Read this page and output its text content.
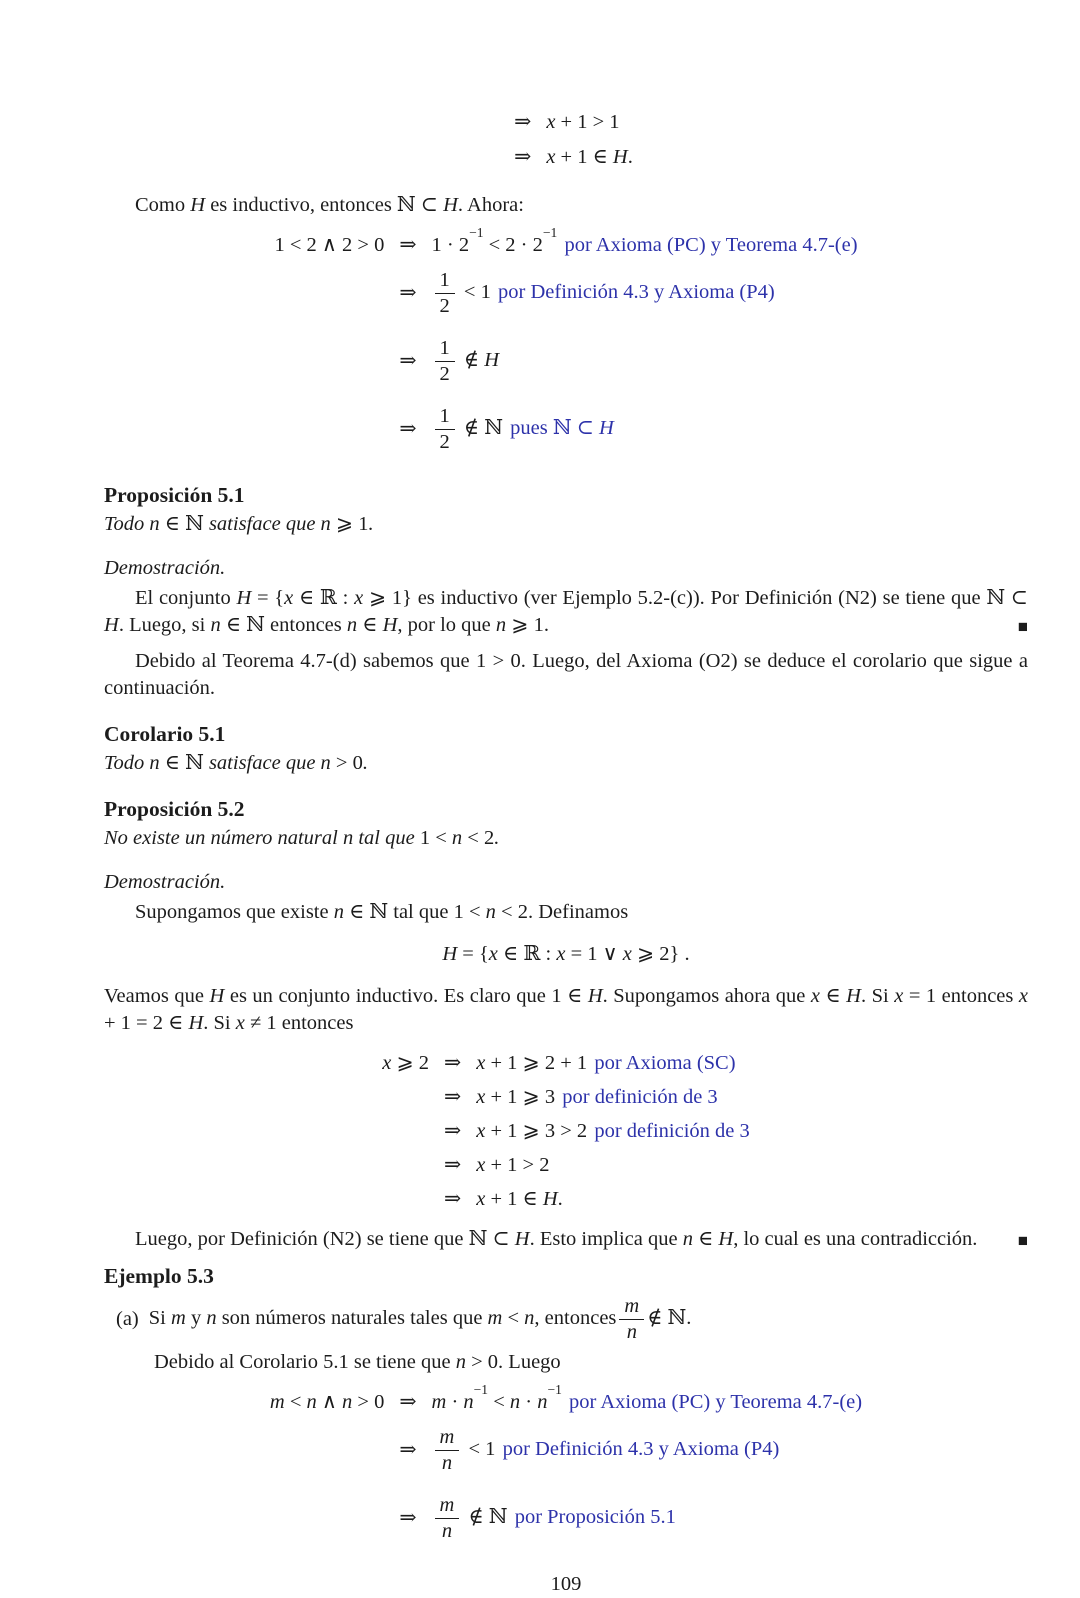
⇒	x + 1 > 1
⇒	x + 1 ∈ H.

Como H es inductivo, entonces ℕ ⊂ H. Ahora:

1 < 2 ∧ 2 > 0	⇒	$1 \cdot 2^{-1} < 2 \cdot 2^{-1}por$ Axioma (PC) y Teorema 4.7-(e)
	⇒	$\frac{1}{2} < 1$ por Definición 4.3 y Axioma (P4)
	⇒	$\frac{1}{2}$ ∉ H
	⇒	$\frac{1}{2}$ ∉ ℕ pues ℕ ⊂ H
Proposición 5.1

Todo n ∈ ℕ satisface que n ⩾ 1.

Demostración.

El conjunto H = {x ∈ ℝ : x ⩾ 1} es inductivo (ver Ejemplo 5.2-(c)). Por Definición (N2) se tiene que ℕ ⊂ H. Luego, si n ∈ ℕ entonces n ∈ H, por lo que n ⩾ 1.	■

Debido al Teorema 4.7-(d) sabemos que 1 > 0. Luego, del Axioma (O2) se deduce el corolario que sigue a continuación.

Corolario 5.1

Todo n ∈ ℕ satisface que n > 0.

Proposición 5.2

No existe un número natural n tal que 1 < n < 2.

Demostración.

Supongamos que existe n ∈ ℕ tal que 1 < n < 2. Definamos

H = {x ∈ ℝ : x = 1 ∨ x ⩾ 2} .

Veamos que H es un conjunto inductivo. Es claro que 1 ∈ H. Supongamos ahora que x ∈ H. Si x = 1 entonces x + 1 = 2 ∈ H. Si x ≠ 1 entonces

x ⩾ 2	⇒	x + 1 ⩾ 2 + 1 por Axioma (SC)
	⇒	x + 1 ⩾ 3 por definición de 3
	⇒	x + 1 ⩾ 3 > 2 por definición de 3
	⇒	x + 1 > 2
	⇒	x + 1 ∈ H.

Luego, por Definición (N2) se tiene que ℕ ⊂ H. Esto implica que n ∈ H, lo cual es una contradicción.	■
Ejemplo 5.3
(a) Si m y n son números naturales tales que m < n, entonces $\frac{m}{n}$ ∉ ℕ.

Debido al Corolario 5.1 se tiene que n > 0. Luego

m < n ∧ n > 0	⇒	$m \cdot n^{-1} < n \cdot n^{-1}por$ Axioma (PC) y Teorema 4.7-(e)
	⇒	$\frac{m}{n} < 1$ por Definición 4.3 y Axioma (P4)
	⇒	$\frac{m}{n}$ ∉ ℕ por Proposición 5.1
109
